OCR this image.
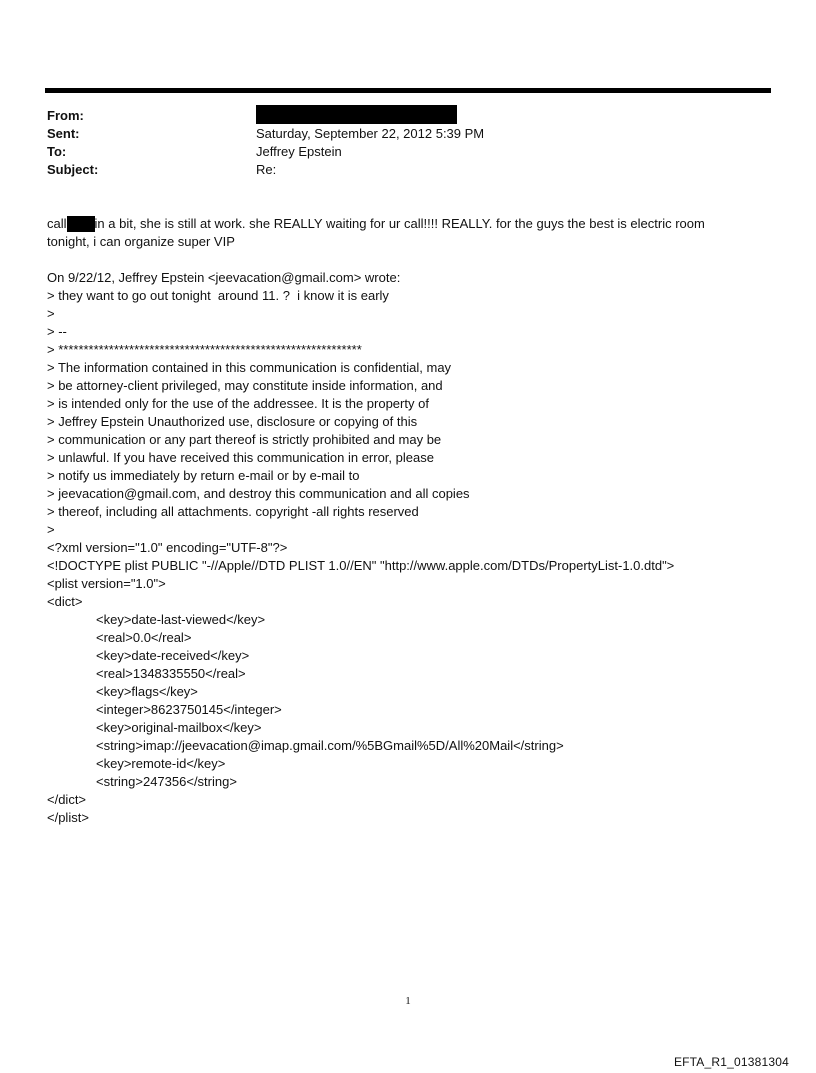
From:
Sent:	Saturday, September 22, 2012 5:39 PM
To:	Jeffrey Epstein
Subject:	Re:
call in a bit, she is still at work. she REALLY waiting for ur call!!!! REALLY. for the guys the best is electric room
tonight, i can organize super VIP
On 9/22/12, Jeffrey Epstein <jeevacation@gmail.com> wrote:
> they want to go out tonight  around 11. ?  i know it is early
>
> --
> ************************************************************
> The information contained in this communication is confidential, may
> be attorney-client privileged, may constitute inside information, and
> is intended only for the use of the addressee. It is the property of
> Jeffrey Epstein Unauthorized use, disclosure or copying of this
> communication or any part thereof is strictly prohibited and may be
> unlawful. If you have received this communication in error, please
> notify us immediately by return e-mail or by e-mail to
> jeevacation@gmail.com, and destroy this communication and all copies
> thereof, including all attachments. copyright -all rights reserved
>
<?xml version="1.0" encoding="UTF-8"?>
<!DOCTYPE plist PUBLIC "-//Apple//DTD PLIST 1.0//EN" "http://www.apple.com/DTDs/PropertyList-1.0.dtd">
<plist version="1.0">
<dict>
<key>date-last-viewed</key>
<real>0.0</real>
<key>date-received</key>
<real>1348335550</real>
<key>flags</key>
<integer>8623750145</integer>
<key>original-mailbox</key>
<string>imap://jeevacation@imap.gmail.com/%5BGmail%5D/All%20Mail</string>
<key>remote-id</key>
<string>247356</string>
</dict>
</plist>
1
EFTA_R1_01381304
